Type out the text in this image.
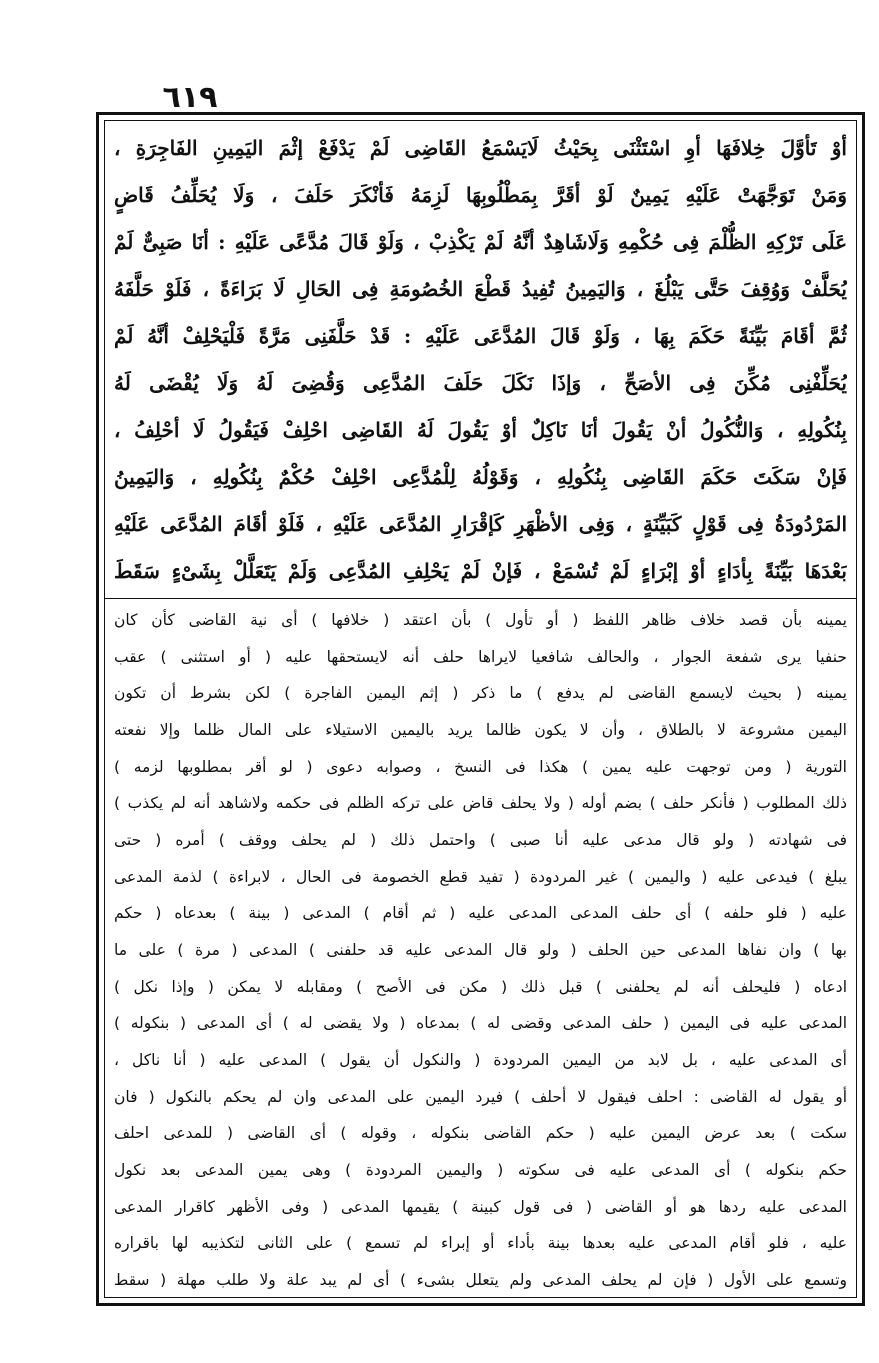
٦١٩
أوْ تَأوَّلَ خِلافَهَا أوِ اسْتَثْنَى بِحَيْثُ لَايَسْمَعُ القَاضِى لَمْ يَدْفَعْ إثْمَ اليَمِينِ الفَاجِرَةِ ،
وَمَنْ تَوَجَّهَتْ عَلَيْهِ يَمِينٌ لَوْ أقَرَّ بِمَطْلُوبِهَا لَزِمَهُ فَأنْكَرَ حَلَفَ ، وَلَا يُحَلِّفُ قَاضٍ
عَلَى تَرْكِهِ الظُّلْمَ فِى حُكْمِهِ وَلَاشَاهِدٌ أنَّهُ لَمْ يَكْذِبْ ، وَلَوْ قَالَ مُدَّعًى عَلَيْهِ : أنَا صَبِىٌّ لَمْ
يُحَلَّفْ وَوُقِفَ حَتَّى يَبْلُغَ ، وَاليَمِينُ تُفِيدُ قَطْعَ الخُصُومَةِ فِى الحَالِ لَا بَرَاءَةً ، فَلَوْ حَلَّفَهُ
ثُمَّ أقَامَ بَيِّنَةً حَكَمَ بِهَا ، وَلَوْ قَالَ المُدَّعَى عَلَيْهِ : قَدْ حَلَّفَنِى مَرَّةً فَلْيَحْلِفْ أنَّهُ لَمْ
يُحَلِّفْنِى مُكِّنَ فِى الأصَحِّ ، وَإذَا نَكَلَ حَلَفَ المُدَّعِى وَقُضِىَ لَهُ وَلَا يُقْضَى لَهُ
بِنُكُولِهِ ، وَالنُّكُولُ أنْ يَقُولَ أنَا نَاكِلٌ أوْ يَقُولَ لَهُ القَاضِى احْلِفْ فَيَقُولُ لَا أحْلِفُ ،
فَإنْ سَكَتَ حَكَمَ القَاضِى بِنُكُولِهِ ، وَقَوْلُهُ لِلْمُدَّعِى احْلِفْ حُكْمٌ بِنُكُولِهِ ، وَاليَمِينُ
المَرْدُودَةُ فِى قَوْلٍ كَبَيِّنَةٍ ، وَفِى الأظْهَرِ كَإقْرَارِ المُدَّعَى عَلَيْهِ ، فَلَوْ أقَامَ المُدَّعَى عَلَيْهِ
بَعْدَهَا بَيِّنَةً بِأدَاءٍ أوْ إبْرَاءٍ لَمْ تُسْمَعْ ، فَإنْ لَمْ يَحْلِفِ المُدَّعِى وَلَمْ يَتَعَلَّلْ بِشَىْءٍ سَقَطَ
يمينه بأن قصد خلاف ظاهر اللفظ ( أو تأول ) بأن اعتقد ( خلافها ) أى نية القاضى كأن كان
حنفيا يرى شفعة الجوار ، والحالف شافعيا لايراها حلف أنه لايستحقها عليه ( أو استثنى ) عقب
يمينه ( بحيث لايسمع القاضى لم يدفع ) ما ذكر ( إثم اليمين الفاجرة ) لكن بشرط أن تكون
اليمين مشروعة لا بالطلاق ، وأن لا يكون ظالما يريد باليمين الاستيلاء على المال ظلما وإلا نفعته
التورية ( ومن توجهت عليه يمين ) هكذا فى النسخ ، وصوابه دعوى ( لو أقر بمطلوبها لزمه )
ذلك المطلوب ( فأنكر حلف ) بضم أوله ( ولا يحلف قاض على تركه الظلم فى حكمه ولاشاهد أنه لم يكذب )
فى شهادته ( ولو قال مدعى عليه أنا صبى ) واحتمل ذلك ( لم يحلف ووقف ) أمره ( حتى
يبلغ ) فيدعى عليه ( واليمين ) غير المردودة ( تفيد قطع الخصومة فى الحال ، لابراءة ) لذمة المدعى
عليه ( فلو حلفه ) أى حلف المدعى المدعى عليه ( ثم أقام ) المدعى ( بينة ) بعدعاه ( حكم
بها ) وان نفاها المدعى حين الحلف ( ولو قال المدعى عليه قد حلفنى ) المدعى ( مرة ) على ما
ادعاه ( فليحلف أنه لم يحلفنى ) قبل ذلك ( مكن فى الأصح ) ومقابله لا يمكن ( وإذا نكل )
المدعى عليه فى اليمين ( حلف المدعى وقضى له ) بمدعاه ( ولا يقضى له ) أى المدعى ( بنكوله )
أى المدعى عليه ، بل لابد من اليمين المردودة ( والنكول أن يقول ) المدعى عليه ( أنا ناكل ،
أو يقول له القاضى : احلف فيقول لا أحلف ) فيرد اليمين على المدعى وان لم يحكم بالنكول ( فان
سكت ) بعد عرض اليمين عليه ( حكم القاضى بنكوله ، وقوله ) أى القاضى ( للمدعى احلف
حكم بنكوله ) أى المدعى عليه فى سكوته ( واليمين المردودة ) وهى يمين المدعى بعد نكول
المدعى عليه ردها هو أو القاضى ( فى قول كبينة ) يقيمها المدعى ( وفى الأظهر كاقرار المدعى
عليه ، فلو أقام المدعى عليه بعدها بينة بأداء أو إبراء لم تسمع ) على الثانى لتكذيبه لها باقراره
وتسمع على الأول ( فإن لم يحلف المدعى ولم يتعلل بشىء ) أى لم يبد علة ولا طلب مهلة ( سقط
